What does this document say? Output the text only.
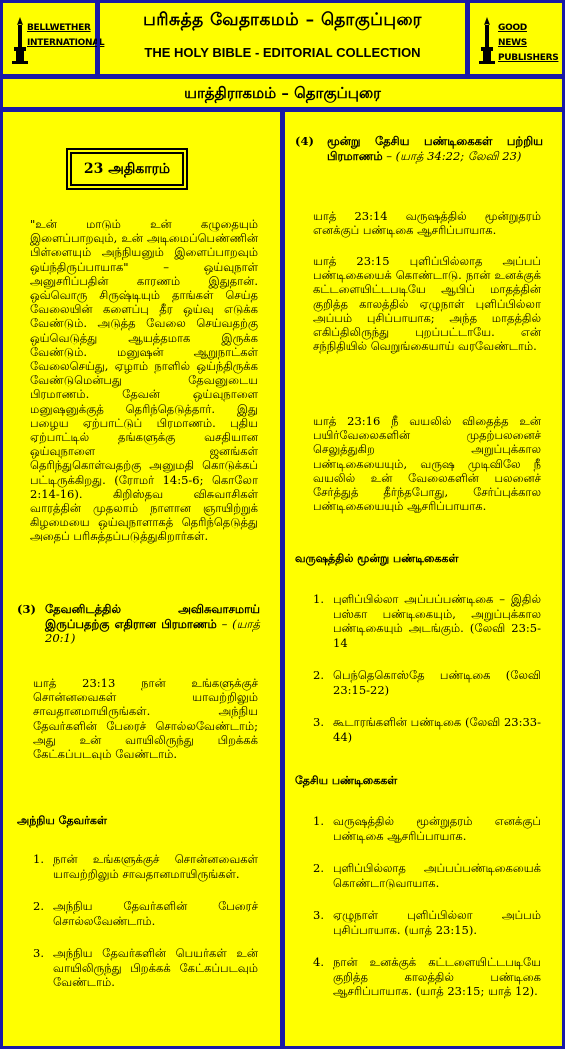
BELLWETHER
INTERNATIONAL
பரிசுத்த வேதாகமம் – தொகுப்புரை
THE HOLY BIBLE - EDITORIAL COLLECTION
GOOD NEWS
PUBLISHERS
யாத்திராகமம் – தொகுப்புரை
23 அதிகாரம்
"உன் மாடும் உன் கழுதையும் இளைப்பாறவும், உன் அடிமைப்பெண்ணின் பிள்ளையும் அந்நியனும் இளைப்பாறவும் ஒய்ந்திருப்பாயாக" – ஒய்வுநாள் அனுசரிப்பதின் காரணம் இதுதான். ஒவ்வொரு சிருஷ்டியும் தாங்கள் செய்த வேலையின் களைப்பு தீர ஒய்வு எடுக்க வேண்டும். அடுத்த வேலை செய்வதற்கு ஒய்வெடுத்து ஆயத்தமாக இருக்க வேண்டும். மனுஷன் ஆறுநாட்கள் வேலைசெய்து, ஏழாம் நாளில் ஒய்ந்திருக்க வேண்டுமென்பது தேவனுடைய பிரமாணம். தேவன் ஒய்வுநாளை மனுஷனுக்குத் தெரிந்தெடுத்தார். இது பழைய ஏற்பாட்டுப் பிரமாணம். புதிய ஏற்பாட்டில் தங்களுக்கு வசதியான ஒய்வுநாளை ஜனங்கள் தெரிந்துகொள்வதற்கு அனுமதி கொடுக்கப் பட்டிருக்கிறது. (ரோமர் 14:5-6; கொலோ 2:14-16). கிறிஸ்தவ விசுவாசிகள் வாரத்தின் முதலாம் நாளான ஞாயிற்றுக் கிழமையை ஒய்வுநாளாகத் தெரிந்தெடுத்து அதைப் பரிசுத்தப்படுத்துகிறார்கள்.
(3) தேவனிடத்தில் அவிசுவாசமாய் இருப்பதற்கு எதிரான பிரமாணம் – (யாத் 20:1)
யாத் 23:13 நான் உங்களுக்குச் சொன்னவைகள் யாவற்றிலும் சாவதானமாயிருங்கள். அந்நிய தேவர்களின் பேரைச் சொல்லவேண்டாம்; அது உன் வாயிலிருந்து பிறக்கக் கேட்கப்படவும் வேண்டாம்.
அந்நிய தேவர்கள்
1. நான் உங்களுக்குச் சொன்னவைகள் யாவற்றிலும் சாவதானமாயிருங்கள்.
2. அந்நிய தேவர்களின் பேரைச் சொல்லவேண்டாம்.
3. அந்நிய தேவர்களின் பெயர்கள் உன் வாயிலிருந்து பிறக்கக் கேட்கப்படவும் வேண்டாம்.
(4) மூன்று தேசிய பண்டிகைகள் பற்றிய பிரமாணம் – (யாத் 34:22; லேவி 23)
யாத் 23:14 வருஷத்தில் மூன்றுதரம் எனக்குப் பண்டிகை ஆசரிப்பாயாக.
யாத் 23:15 புளிப்பில்லாத அப்பப் பண்டிகையைக் கொண்டாடு. நான் உனக்குக் கட்டளையிட்டபடியே ஆபிப் மாதத்தின் குறித்த காலத்தில் ஏழுநாள் புளிப்பில்லா அப்பம் புசிப்பாயாக; அந்த மாதத்தில் எகிப்திலிருந்து புறப்பட்டாயே. என் சந்நிதியில் வெறுங்கையாய் வரவேண்டாம்.
யாத் 23:16 நீ வயலில் விதைத்த உன் பயிர்வேலைகளின் முதற்பலனைச் செலுத்துகிற அறுப்புக்கால பண்டிகையையும், வருஷ முடிவிலே நீ வயலில் உன் வேலைகளின் பலனைச் சேர்த்துத் தீர்ந்தபோது, சேர்ப்புக்கால பண்டிகையையும் ஆசரிப்பாயாக.
வருஷத்தில் மூன்று பண்டிகைகள்
1. புளிப்பில்லா அப்பப்பண்டிகை – இதில் பஸ்கா பண்டிகையும், அறுப்புக்கால பண்டிகையும் அடங்கும். (லேவி 23:5-14
2. பெந்தெகொஸ்தே பண்டிகை (லேவி 23:15-22)
3. கூடாரங்களின் பண்டிகை (லேவி 23:33-44)
தேசிய பண்டிகைகள்
1. வருஷத்தில் மூன்றுதரம் எனக்குப் பண்டிகை ஆசரிப்பாயாக.
2. புளிப்பில்லாத அப்பப்பண்டிகையைக் கொண்டாடுவாயாக.
3. ஏழுநாள் புளிப்பில்லா அப்பம் புசிப்பாயாக. (யாத் 23:15).
4. நான் உனக்குக் கட்டளையிட்டபடியே குறித்த காலத்தில் பண்டிகை ஆசரிப்பாயாக. (யாத் 23:15; யாத் 12).
